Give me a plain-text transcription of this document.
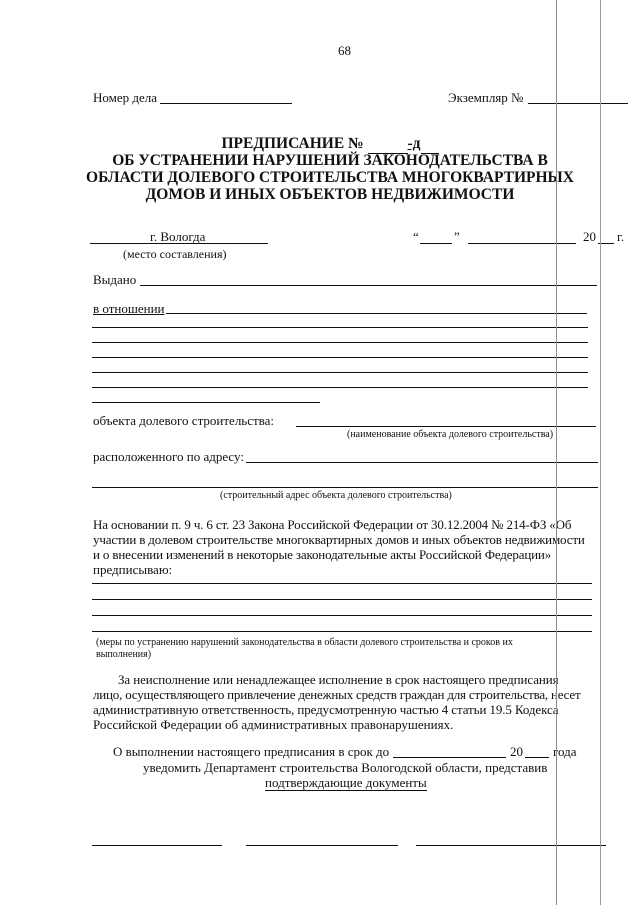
68
Номер дела	Экземпляр №
ПРЕДПИСАНИЕ №	-д
ОБ УСТРАНЕНИИ НАРУШЕНИЙ ЗАКОНОДАТЕЛЬСТВА В
ОБЛАСТИ ДОЛЕВОГО СТРОИТЕЛЬСТВА МНОГОКВАРТИРНЫХ
ДОМОВ И ИНЫХ ОБЪЕКТОВ НЕДВИЖИМОСТИ
г. Вологда
(место составления)
“	”	20 г.
Выдано
в отношении
объекта долевого строительства:
(наименование объекта долевого строительства)
расположенного по адресу:
(строительный адрес объекта долевого строительства)
На основании п. 9 ч. 6 ст. 23 Закона Российской Федерации от 30.12.2004 № 214-ФЗ «Об
участии в долевом строительстве многоквартирных домов и иных объектов недвижимости
и о внесении изменений в некоторые законодательные акты Российской Федерации»
предписываю:
(меры по устранению нарушений законодательства в области долевого строительства и сроков их
выполнения)
За неисполнение или ненадлежащее исполнение в срок настоящего предписания
лицо, осуществляющего привлечение денежных средств граждан для строительства, несет
административную ответственность, предусмотренную частью 4 статьи 19.5 Кодекса
Российской Федерации об административных правонарушениях.
О выполнении настоящего предписания в срок до	20 года
уведомить Департамент строительства Вологодской области, представив
подтверждающие документы
